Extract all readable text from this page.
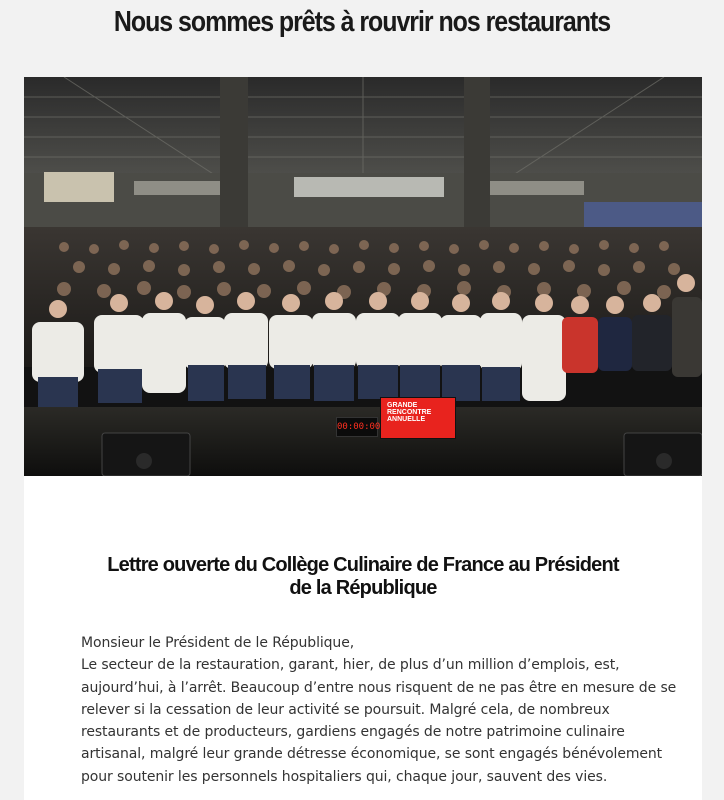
Nous sommes prêts à rouvrir nos restaurants
00:00:00
GRANDE
RENCONTRE
ANNUELLE
Lettre ouverte du Collège Culinaire de France au Président de la République

Monsieur le Président de le République,
Le secteur de la restauration, garant, hier, de plus d’un million d’emplois, est,
aujourd’hui, à l’arrêt. Beaucoup d’entre nous risquent de ne pas être en mesure de se
relever si la cessation de leur activité se poursuit. Malgré cela, de nombreux
restaurants et de producteurs, gardiens engagés de notre patrimoine culinaire
artisanal, malgré leur grande détresse économique, se sont engagés bénévolement
pour soutenir les personnels hospitaliers qui, chaque jour, sauvent des vies.
